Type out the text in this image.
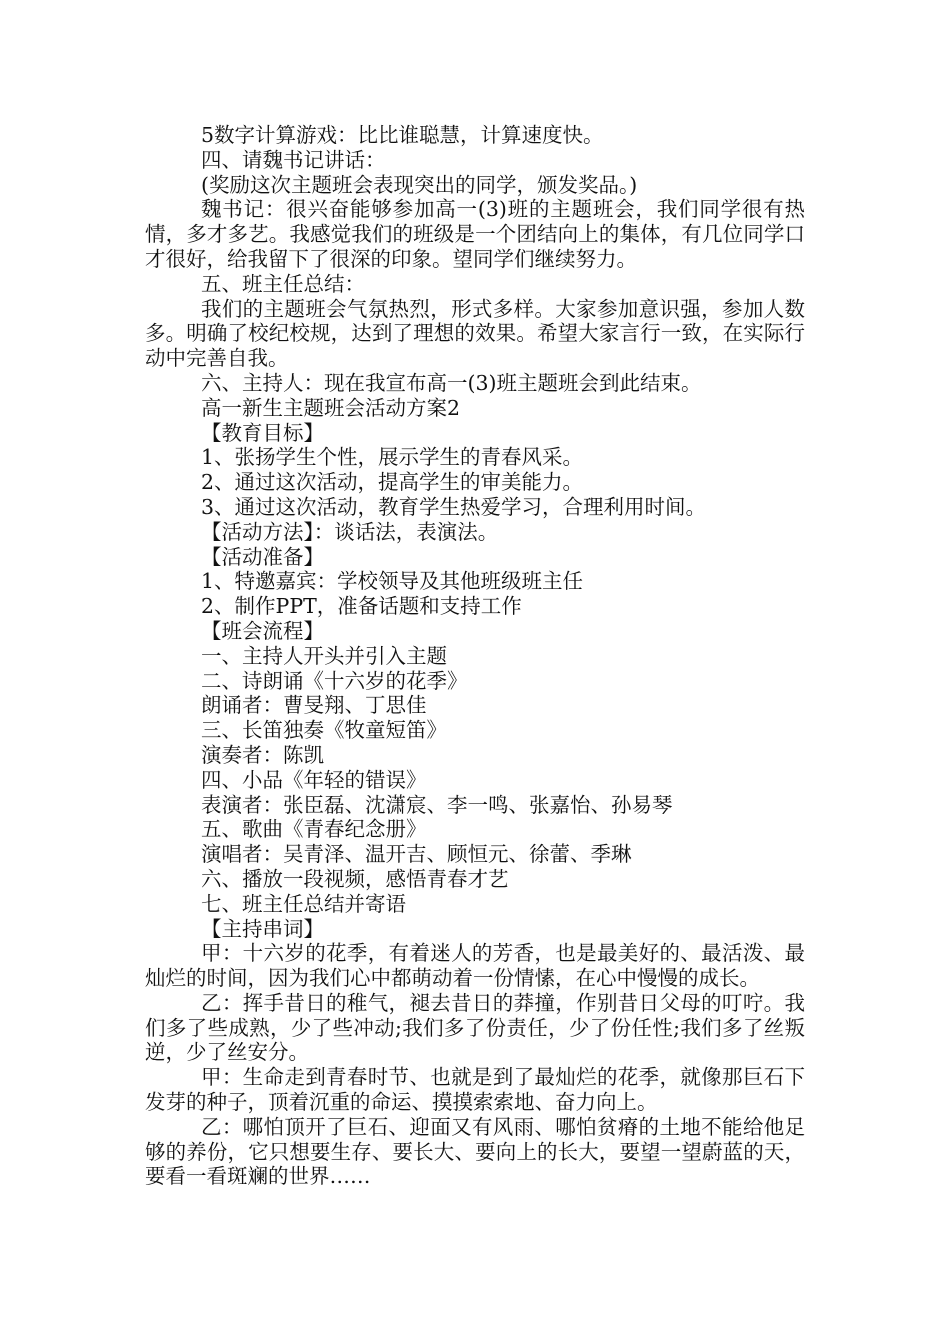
5数字计算游戏：比比谁聪慧，计算速度快。

四、请魏书记讲话：

(奖励这次主题班会表现突出的同学，颁发奖品。)

魏书记：很兴奋能够参加高一(3)班的主题班会，我们同学很有热情，多才多艺。我感觉我们的班级是一个团结向上的集体，有几位同学口才很好，给我留下了很深的印象。望同学们继续努力。

五、班主任总结：

我们的主题班会气氛热烈，形式多样。大家参加意识强，参加人数多。明确了校纪校规，达到了理想的效果。希望大家言行一致，在实际行动中完善自我。

六、主持人：现在我宣布高一(3)班主题班会到此结束。

高一新生主题班会活动方案2

【教育目标】

1、张扬学生个性，展示学生的青春风采。

2、通过这次活动，提高学生的审美能力。

3、通过这次活动，教育学生热爱学习，合理利用时间。

【活动方法】：谈话法，表演法。

【活动准备】

1、特邀嘉宾：学校领导及其他班级班主任

2、制作PPT，准备话题和支持工作

【班会流程】

一、主持人开头并引入主题

二、诗朗诵《十六岁的花季》

朗诵者：曹旻翔、丁思佳

三、长笛独奏《牧童短笛》

演奏者：陈凯

四、小品《年轻的错误》

表演者：张臣磊、沈潇宸、李一鸣、张嘉怡、孙易琴

五、歌曲《青春纪念册》

演唱者：吴青泽、温开吉、顾恒元、徐蕾、季琳

六、播放一段视频，感悟青春才艺

七、班主任总结并寄语

【主持串词】

甲：十六岁的花季，有着迷人的芳香，也是最美好的、最活泼、最灿烂的时间，因为我们心中都萌动着一份情愫，在心中慢慢的成长。

乙：挥手昔日的稚气，褪去昔日的莽撞，作别昔日父母的叮咛。我们多了些成熟，少了些冲动;我们多了份责任，少了份任性;我们多了丝叛逆，少了丝安分。

甲：生命走到青春时节、也就是到了最灿烂的花季，就像那巨石下发芽的种子，顶着沉重的命运、摸摸索索地、奋力向上。

乙：哪怕顶开了巨石、迎面又有风雨、哪怕贫瘠的土地不能给他足够的养份，它只想要生存、要长大、要向上的长大，要望一望蔚蓝的天，要看一看斑斓的世界……
